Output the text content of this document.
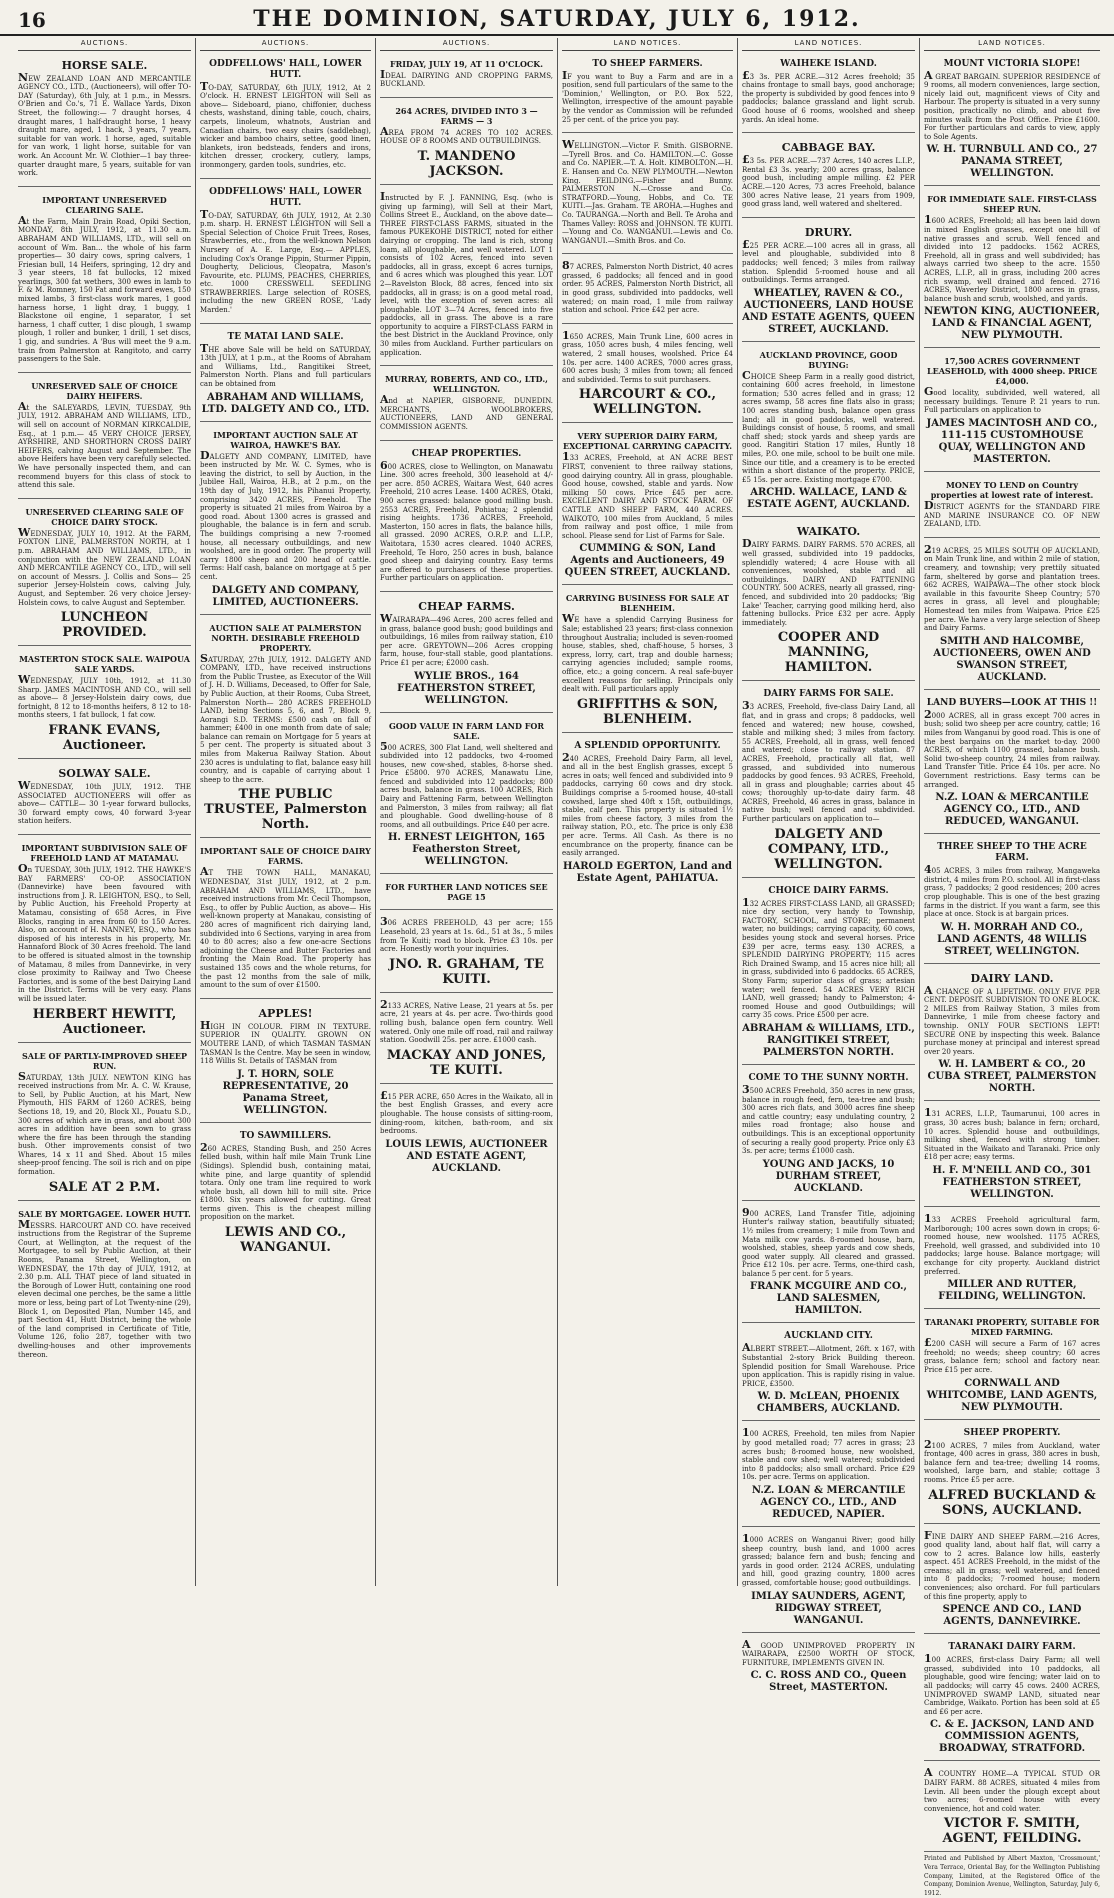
16	THE DOMINION, SATURDAY, JULY 6, 1912.
AUCTIONS.
HORSE SALE.

NEW ZEALAND LOAN AND MERCANTILE AGENCY CO., LTD., (Auctioneers), will offer TO-DAY (Saturday), 6th July, at 1 p.m., in Messrs. O'Brien and Co.'s, 71 E. Wallace Yards, Dixon Street, the following:— 7 draught horses, 4 draught mares, 1 half-draught horse, 1 heavy draught mare, aged, 1 hack, 3 years, 7 years, suitable for van work. 1 horse, aged, suitable for van work, 1 light horse, suitable for van work. An Account Mr. W. Clothier—1 bay three-quarter draught mare, 5 years, suitable for van work.

IMPORTANT UNRESERVED CLEARING SALE.

At the Farm, Main Drain Road, Opiki Section, MONDAY, 8th JULY, 1912, at 11.30 a.m. ABRAHAM AND WILLIAMS, LTD., will sell on account of Wm. Ban... the whole of his farm properties— 30 dairy cows, spring calvers, 1 Friesian bull, 14 Heifers, springing, 12 dry and 3 year steers, 18 fat bullocks, 12 mixed yearlings, 300 fat wethers, 300 ewes in lamb to F. & M. Romney, 150 Fat and forward ewes, 150 mixed lambs, 3 first-class work mares, 1 good harness horse, 1 light dray, 1 buggy, 1 Blackstone oil engine, 1 separator, 1 set harness, 1 chaff cutter, 1 disc plough, 1 swamp plough, 1 roller and bunker, 1 drill, 1 set discs, 1 gig, and sundries. A 'Bus will meet the 9 a.m. train from Palmerston at Rangitoto, and carry passengers to the Sale.

UNRESERVED SALE OF CHOICE DAIRY HEIFERS.

At the SALEYARDS, LEVIN, TUESDAY, 9th JULY, 1912. ABRAHAM AND WILLIAMS, LTD., will sell on account of NORMAN KIRKCALDIE, Esq., at 1 p.m.— 45 VERY CHOICE JERSEY, AYRSHIRE, AND SHORTHORN CROSS DAIRY HEIFERS, calving August and September. The above Heifers have been very carefully selected. We have personally inspected them, and can recommend buyers for this class of stock to attend this sale.

UNRESERVED CLEARING SALE OF CHOICE DAIRY STOCK.

WEDNESDAY, JULY 10, 1912. At the FARM, FOXTON LINE, PALMERSTON NORTH, at 1 p.m. ABRAHAM AND WILLIAMS, LTD., in conjunction with the NEW ZEALAND LOAN AND MERCANTILE AGENCY CO., LTD., will sell on account of Messrs. J. Collis and Sons— 25 superior Jersey-Holstein cows, calving July, August, and September. 26 very choice Jersey-Holstein cows, to calve August and September.

LUNCHEON PROVIDED.
MASTERTON STOCK SALE. WAIPOUA SALE YARDS.

WEDNESDAY, JULY 10th, 1912, at 11.30 Sharp. JAMES MACINTOSH AND CO., will sell as above— 8 Jersey-Holstein dairy cows, due fortnight, 8 12 to 18-months heifers, 8 12 to 18-months steers, 1 fat bullock, 1 fat cow.

FRANK EVANS, Auctioneer.
SOLWAY SALE.

WEDNESDAY, 10th JULY, 1912. THE ASSOCIATED AUCTIONEERS will offer as above— CATTLE— 30 1-year forward bullocks, 30 forward empty cows, 40 forward 3-year station heifers.

IMPORTANT SUBDIVISION SALE OF FREEHOLD LAND AT MATAMAU.

On TUESDAY, 30th JULY, 1912. THE HAWKE'S BAY FARMERS' CO-OP. ASSOCIATION (Dannevirke) have been favoured with instructions from J. R. LEIGHTON, ESQ., to Sell, by Public Auction, his Freehold Property at Matamau, consisting of 658 Acres, in Five Blocks, ranging in area from 60 to 150 Acres. Also, on account of H. NANNEY, ESQ., who has disposed of his interests in his property, Mr. Hannaford Block of 30 Acres freehold. The land to be offered is situated almost in the township of Matamau, 8 miles from Dannevirke, in very close proximity to Railway and Two Cheese Factories, and is some of the best Dairying Land in the District. Terms will be very easy. Plans will be issued later.

HERBERT HEWITT, Auctioneer.
SALE OF PARTLY-IMPROVED SHEEP RUN.

SATURDAY, 13th JULY. NEWTON KING has received instructions from Mr. A. C. W. Krause, to Sell, by Public Auction, at his Mart, New Plymouth, HIS FARM of 1260 ACRES, being Sections 18, 19, and 20, Block XI., Pouatu S.D., 300 acres of which are in grass, and about 300 acres in addition have been sown to grass where the fire has been through the standing bush. Other improvements consist of two Whares, 14 x 11 and Shed. About 15 miles sheep-proof fencing. The soil is rich and on pipe formation.

SALE AT 2 P.M.
SALE BY MORTGAGEE. LOWER HUTT.

MESSRS. HARCOURT AND CO. have received instructions from the Registrar of the Supreme Court, at Wellington, at the request of the Mortgagee, to sell by Public Auction, at their Rooms, Panama Street, Wellington, on WEDNESDAY, the 17th day of JULY, 1912, at 2.30 p.m. ALL THAT piece of land situated in the Borough of Lower Hutt, containing one rood eleven decimal one perches, be the same a little more or less, being part of Lot Twenty-nine (29), Block 1, on Deposited Plan, Number 145, and part Section 41, Hutt District, being the whole of the land comprised in Certificate of Title, Volume 126, folio 287, together with two dwelling-houses and other improvements thereon.

AUCTIONS.
ODDFELLOWS' HALL, LOWER HUTT.

TO-DAY, SATURDAY, 6th JULY, 1912, At 2 O'clock. H. ERNEST LEIGHTON will Sell as above— Sideboard, piano, chiffonier, duchess chests, washstand, dining table, couch, chairs, carpets, linoleum, whatnots, Austrian and Canadian chairs, two easy chairs (saddlebag), wicker and bamboo chairs, settee, good linen, blankets, iron bedsteads, fenders and irons, kitchen dresser, crockery, cutlery, lamps, ironmongery, garden tools, sundries, etc.

ODDFELLOWS' HALL, LOWER HUTT.

TO-DAY, SATURDAY, 6th JULY, 1912, At 2.30 p.m. sharp. H. ERNEST LEIGHTON will Sell a Special Selection of Choice Fruit Trees, Roses, Strawberries, etc., from the well-known Nelson Nursery of A. E. Large, Esq.— APPLES, including Cox's Orange Pippin, Sturmer Pippin, Dougherty, Delicious, Cleopatra, Mason's Favourite, etc. PLUMS, PEACHES, CHERRIES, etc. 1000 CRESSWELL SEEDLING STRAWBERRIES. Large selection of ROSES, including the new GREEN ROSE, 'Lady Marden.'

TE MATAI LAND SALE.

THE above Sale will be held on SATURDAY, 13th JULY, at 1 p.m., at the Rooms of Abraham and Williams, Ltd., Rangitikei Street, Palmerston North. Plans and full particulars can be obtained from

ABRAHAM AND WILLIAMS, LTD. DALGETY AND CO., LTD.
IMPORTANT AUCTION SALE AT WAIROA, HAWKE'S BAY.

DALGETY AND COMPANY, LIMITED, have been instructed by Mr. W. C. Symes, who is leaving the district, to sell by Auction, in the Jubilee Hall, Wairoa, H.B., at 2 p.m., on the 19th day of July, 1912, his Pihanui Property, comprising 3420 ACRES, Freehold. The property is situated 21 miles from Wairoa by a good road. About 1300 acres is grassed and ploughable, the balance is in fern and scrub. The buildings comprising a new 7-roomed house, all necessary outbuildings, and new woolshed, are in good order. The property will carry 1800 sheep and 200 head of cattle. Terms: Half cash, balance on mortgage at 5 per cent.

DALGETY AND COMPANY, LIMITED, AUCTIONEERS.
AUCTION SALE AT PALMERSTON NORTH. DESIRABLE FREEHOLD PROPERTY.

SATURDAY, 27th JULY, 1912. DALGETY AND COMPANY, LTD., have received instructions from the Public Trustee, as Executor of the Will of J. H. D. Williams, Deceased, to Offer for Sale, by Public Auction, at their Rooms, Cuba Street, Palmerston North— 280 ACRES FREEHOLD LAND, being Sections 5, 6, and 7, Block 9, Aorangi S.D. TERMS: £500 cash on fall of hammer; £400 in one month from date of sale; balance can remain on Mortgage for 5 years at 5 per cent. The property is situated about 3 miles from Makerua Railway Station. About 230 acres is undulating to flat, balance easy hill country, and is capable of carrying about 1 sheep to the acre.

THE PUBLIC TRUSTEE, Palmerston North.
IMPORTANT SALE OF CHOICE DAIRY FARMS.

AT THE TOWN HALL, MANAKAU, WEDNESDAY, 31st JULY, 1912, at 2 p.m. ABRAHAM AND WILLIAMS, LTD., have received instructions from Mr. Cecil Thompson, Esq., to offer by Public Auction, as above— His well-known property at Manakau, consisting of 280 acres of magnificent rich dairying land, subdivided into 6 Sections, varying in area from 40 to 80 acres; also a few one-acre Sections adjoining the Cheese and Butter Factories and fronting the Main Road. The property has sustained 135 cows and the whole returns, for the past 12 months from the sale of milk, amount to the sum of over £1500.

APPLES!

HIGH IN COLOUR. FIRM IN TEXTURE. SUPERIOR IN QUALITY. GROWN ON MOUTERE LAND, of which TASMAN TASMAN TASMAN Is the Centre. May be seen in window, 118 Willis St. Details of TASMAN from

J. T. HORN, SOLE REPRESENTATIVE, 20 Panama Street, WELLINGTON.
TO SAWMILLERS.

260 ACRES, Standing Bush, and 250 Acres felled bush, within half mile Main Trunk Line (Sidings). Splendid bush, containing matai, white pine, and large quantity of splendid totara. Only one tram line required to work whole bush, all down hill to mill site. Price £1800. Six years allowed for cutting. Great terms given. This is the cheapest milling proposition on the market.

LEWIS AND CO., WANGANUI.
AUCTIONS.
FRIDAY, JULY 19, AT 11 O'CLOCK.

IDEAL DAIRYING AND CROPPING FARMS, BUCKLAND.

264 ACRES, DIVIDED INTO 3 — FARMS — 3

AREA FROM 74 ACRES TO 102 ACRES. HOUSE OF 8 ROOMS AND OUTBUILDINGS.

T. MANDENO JACKSON.

Instructed by F. J. FANNING, Esq. (who is giving up farming), will Sell at their Mart, Collins Street E., Auckland, on the above date— THREE FIRST-CLASS FARMS, situated in the famous PUKEKOHE DISTRICT, noted for either dairying or cropping. The land is rich, strong loam, all ploughable, and well watered. LOT 1 consists of 102 Acres, fenced into seven paddocks, all in grass, except 6 acres turnips, and 6 acres which was ploughed this year. LOT 2—Ravelston Block, 88 acres, fenced into six paddocks, all in grass; is on a good metal road, level, with the exception of seven acres: all ploughable. LOT 3—74 Acres, fenced into five paddocks, all in grass. The above is a rare opportunity to acquire a FIRST-CLASS FARM in the best District in the Auckland Province, only 30 miles from Auckland. Further particulars on application.

MURRAY, ROBERTS, AND CO., LTD., WELLINGTON.

And at NAPIER, GISBORNE, DUNEDIN. MERCHANTS, WOOLBROKERS, AUCTIONEERS, LAND AND GENERAL COMMISSION AGENTS.

CHEAP PROPERTIES.

600 ACRES, close to Wellington, on Manawatu Line. 300 acres freehold, 300 leasehold at 4/- per acre. 850 ACRES, Waitara West, 640 acres Freehold, 210 acres Lease. 1400 ACRES, Otaki, 900 acres grassed: balance good milling bush. 2553 ACRES, Freehold, Pohiatua; 2 splendid rising heights. 1736 ACRES, Freehold, Masterton, 150 acres in flats, the balance hills, all grassed. 2090 ACRES, O.R.P. and L.I.P., Waitotara, 1530 acres cleared. 1040 ACRES, Freehold, Te Horo, 250 acres in bush, balance good sheep and dairying country. Easy terms are offered to purchasers of these properties. Further particulars on application.

CHEAP FARMS.

WAIRARAPA—496 Acres, 200 acres felled and in grass, balance good bush; good buildings and outbuildings, 16 miles from railway station, £10 per acre. GREYTOWN—206 Acres cropping farm, house, four-stall stable, good plantations. Price £1 per acre; £2000 cash.

WYLIE BROS., 164 FEATHERSTON STREET, WELLINGTON.
GOOD VALUE IN FARM LAND FOR SALE.

500 ACRES, 300 Flat Land, well sheltered and subdivided into 12 paddocks, two 4-roomed houses, new cow-shed, stables, 8-horse shed. Price £5800. 970 ACRES, Manawatu Line, fenced and subdivided into 12 paddocks; 800 acres bush, balance in grass. 100 ACRES, Rich Dairy and Fattening Farm, between Wellington and Palmerston, 3 miles from railway; all flat and ploughable. Good dwelling-house of 8 rooms, and all outbuildings. Price £40 per acre.

H. ERNEST LEIGHTON, 165 Featherston Street, WELLINGTON.
FOR FURTHER LAND NOTICES SEE PAGE 15

306 ACRES FREEHOLD, 43 per acre; 155 Leasehold, 23 years at 1s. 6d., 51 at 3s., 5 miles from Te Kuiti; road to block. Price £3 10s. per acre. Honestly worth your inquiries.

JNO. R. GRAHAM, TE KUITI.

2133 ACRES, Native Lease, 21 years at 5s. per acre, 21 years at 4s. per acre. Two-thirds good rolling bush, balance open fern country. Well watered. Only one mile off road, rail and railway station. Goodwill 25s. per acre. £1000 cash.

MACKAY AND JONES, TE KUITI.

£15 PER ACRE, 650 Acres in the Waikato, all in the best English Grasses, and every acre ploughable. The house consists of sitting-room, dining-room, kitchen, bath-room, and six bedrooms.

LOUIS LEWIS, AUCTIONEER AND ESTATE AGENT, AUCKLAND.
LAND NOTICES.
TO SHEEP FARMERS.

IF you want to Buy a Farm and are in a position, send full particulars of the same to the 'Dominion,' Wellington, or P.O. Box 522, Wellington, irrespective of the amount payable by the vendor as Commission will be refunded 25 per cent. of the price you pay.

WELLINGTON.—Victor F. Smith. GISBORNE.—Tyrell Bros. and Co. HAMILTON.—C. Gosse and Co. NAPIER.—T. A. Holt. KIMBOLTON.—H. E. Hansen and Co. NEW PLYMOUTH.—Newton King. FEILDING.—Fisher and Bunny. PALMERSTON N.—Crosse and Co. STRATFORD.—Young, Hobbs, and Co. TE KUITI.—Jas. Graham. TE AROHA.—Hughes and Co. TAURANGA.—North and Bell. Te Aroha and Thames Valley: ROSS and JOHNSON. TE KUITI.—Young and Co. WANGANUI.—Lewis and Co. WANGANUI.—Smith Bros. and Co.

87 ACRES, Palmerston North District, 40 acres grassed, 6 paddocks; all fenced and in good order. 95 ACRES, Palmerston North District, all in good grass, subdivided into paddocks, well watered; on main road, 1 mile from railway station and school. Price £42 per acre.

1650 ACRES, Main Trunk Line, 600 acres in grass, 1050 acres bush, 4 miles fencing, well watered, 2 small houses, woolshed. Price £4 10s. per acre. 1400 ACRES, 7000 acres grass, 600 acres bush; 3 miles from town; all fenced and subdivided. Terms to suit purchasers.

HARCOURT & CO., WELLINGTON.
VERY SUPERIOR DAIRY FARM, EXCEPTIONAL CARRYING CAPACITY.

133 ACRES, Freehold, at AN ACRE BEST FIRST, convenient to three railway stations, good dairying country. All in grass, ploughable. Good house, cowshed, stable and yards. Now milking 50 cows. Price £45 per acre. EXCELLENT DAIRY AND STOCK FARM. OF CATTLE AND SHEEP FARM, 440 ACRES. WAIKOTO, 100 miles from Auckland, 5 miles from railway and post office, 1 mile from school. Please send for List of Farms for Sale.

CUMMING & SON, Land Agents and Auctioneers, 49 QUEEN STREET, AUCKLAND.
CARRYING BUSINESS FOR SALE AT BLENHEIM.

WE have a splendid Carrying Business for Sale; established 23 years; first-class connexion throughout Australia; included is seven-roomed house, stables, shed, chaff-house, 5 horses, 3 express, lorry, cart, trap and double harness; carrying agencies included; sample rooms, office, etc.; a going concern. A real safe-buyer excellent reasons for selling. Principals only dealt with. Full particulars apply

GRIFFITHS & SON, BLENHEIM.
A SPLENDID OPPORTUNITY.

240 ACRES, Freehold Dairy Farm, all level, and all in the best English grasses, except 5 acres in oats; well fenced and subdivided into 9 paddocks, carrying 60 cows and dry stock. Buildings comprise a 5-roomed house, 40-stall cowshed, large shed 40ft x 15ft, outbuildings, stable, calf pen. This property is situated 1½ miles from cheese factory, 3 miles from the railway station, P.O., etc. The price is only £38 per acre. Terms. All Cash. As there is no encumbrance on the property, finance can be easily arranged.

HAROLD EGERTON, Land and Estate Agent, PAHIATUA.
LAND NOTICES.
WAIHEKE ISLAND.

£3 3s. PER ACRE.—312 Acres freehold; 35 chains frontage to small bays, good anchorage; the property is subdivided by good fences into 9 paddocks; balance grassland and light scrub. Good house of 6 rooms, woolshed and sheep yards. An ideal home.

CABBAGE BAY.

£3 5s. PER ACRE.—737 Acres, 140 acres L.I.P., Rental £3 3s. yearly; 200 acres grass, balance good bush, including ample milling. £2 PER ACRE.—120 Acres, 73 acres Freehold, balance 300 acres Native lease, 21 years from 1909, good grass land, well watered and sheltered.

DRURY.

£25 PER ACRE.—100 acres all in grass, all level and ploughable, subdivided into 8 paddocks; well fenced; 3 miles from railway station. Splendid 5-roomed house and all outbuildings. Terms arranged.

WHEATLEY, RAVEN & CO., AUCTIONEERS, LAND HOUSE AND ESTATE AGENTS, QUEEN STREET, AUCKLAND.
AUCKLAND PROVINCE, GOOD BUYING:

CHOICE Sheep Farm in a really good district, containing 600 acres freehold, in limestone formation; 530 acres felled and in grass; 12 acres swamp, 58 acres fine flats also in grass; 100 acres standing bush, balance open grass land; all in good paddocks, well watered. Buildings consist of house, 5 rooms, and small chaff shed; stock yards and sheep yards are good. Rangitiri Station 17 miles, Huntly 18 miles, P.O. one mile, school to be built one mile. Since our title, and a creamery is to be erected within a short distance of the property. PRICE, £5 15s. per acre. Existing mortgage £700.

ARCHD. WALLACE, LAND & ESTATE AGENT, AUCKLAND.
WAIKATO.

DAIRY FARMS. DAIRY FARMS. 570 ACRES, all well grassed, subdivided into 19 paddocks, splendidly watered; 4 acre House with all conveniences, woolshed, stable and all outbuildings. DAIRY AND FATTENING COUNTRY. 500 ACRES, nearly all grassed, ring-fenced, and subdivided into 20 paddocks; 'Big Lake' Teacher, carrying good milking herd, also fattening bullocks. Price £32 per acre. Apply immediately.

COOPER AND MANNING, HAMILTON.
DAIRY FARMS FOR SALE.

33 ACRES, Freehold, five-class Dairy Land, all flat, and in grass and crops; 8 paddocks, well fenced and watered; new house, cowshed, stable and milking shed; 3 miles from factory. 55 ACRES, Freehold, all in grass, well fenced and watered; close to railway station. 87 ACRES, Freehold, practically all flat, well grassed, and subdivided into numerous paddocks by good fences. 93 ACRES, Freehold, all in grass and ploughable; carries about 45 cows; thoroughly up-to-date dairy farm. 48 ACRES, Freehold, 46 acres in grass, balance in native bush; well fenced and subdivided. Further particulars on application to—

DALGETY AND COMPANY, LTD., WELLINGTON.
CHOICE DAIRY FARMS.

132 ACRES FIRST-CLASS LAND, all GRASSED; nice dry section, very handy to Township, FACTORY, SCHOOL, and STORE; permanent water, no buildings; carrying capacity, 60 cows, besides young stock and several horses. Price £39 per acre, terms easy. 130 ACRES, a SPLENDID DAIRYING PROPERTY; 115 acres Rich Drained Swamp, and 15 acres nice hill; all in grass, subdivided into 6 paddocks. 65 ACRES, Stony Farm; superior class of grass; artesian water; well fenced. 54 ACRES VERY RICH LAND, well grassed; handy to Palmerston; 4-roomed House and good Outbuildings; will carry 35 cows. Price £500 per acre.

ABRAHAM & WILLIAMS, LTD., RANGITIKEI STREET, PALMERSTON NORTH.
COME TO THE SUNNY NORTH.

3500 ACRES Freehold, 350 acres in new grass, balance in rough feed, fern, tea-tree and bush; 300 acres rich flats, and 3000 acres fine sheep and cattle country; easy undulating country, 2 miles road frontage; also house and outbuildings. This is an exceptional opportunity of securing a really good property. Price only £3 3s. per acre; terms £1000 cash.

YOUNG AND JACKS, 10 DURHAM STREET, AUCKLAND.

900 ACRES, Land Transfer Title, adjoining Hunter's railway station, beautifully situated; 1½ miles from creamery; 1 mile from Town and Mata milk cow yards. 8-roomed house, barn, woolshed, stables, sheep yards and cow sheds, good water supply. All cleared and grassed. Price £12 10s. per acre. Terms, one-third cash, balance 5 per cent. for 5 years.

FRANK MCGUIRE AND CO., LAND SALESMEN, HAMILTON.
AUCKLAND CITY.

ALBERT STREET.—Allotment, 26ft. x 167, with Substantial 2-story Brick Building thereon. Splendid position for Small Warehouse. Price upon application. This is rapidly rising in value. PRICE, £3500.

W. D. McLEAN, PHOENIX CHAMBERS, AUCKLAND.

100 ACRES, Freehold, ten miles from Napier by good metalled road; 77 acres in grass; 23 acres bush; 8-roomed house, new woolshed, stable and cow shed; well watered; subdivided into 8 paddocks; also small orchard. Price £29 10s. per acre. Terms on application.

N.Z. LOAN & MERCANTILE AGENCY CO., LTD., AND REDUCED, NAPIER.

1000 ACRES on Wanganui River; good hilly sheep country, bush land, and 1000 acres grassed; balance fern and bush; fencing and yards in good order. 2124 ACRES, undulating and hill, good grazing country, 1800 acres grassed, comfortable house; good outbuildings.

IMLAY SAUNDERS, AGENT, RIDGWAY STREET, WANGANUI.

A GOOD UNIMPROVED PROPERTY IN WAIRARAPA, £2500 WORTH OF STOCK, FURNITURE, IMPLEMENTS GIVEN IN.

C. C. ROSS AND CO., Queen Street, MASTERTON.
LAND NOTICES.
MOUNT VICTORIA SLOPE!

A GREAT BARGAIN. SUPERIOR RESIDENCE of 9 rooms, all modern conveniences, large section, nicely laid out, magnificent views of City and Harbour. The property is situated in a very sunny position, practically no climb, and about five minutes walk from the Post Office. Price £1600. For further particulars and cards to view, apply to Sole Agents.

W. H. TURNBULL AND CO., 27 PANAMA STREET, WELLINGTON.
FOR IMMEDIATE SALE. FIRST-CLASS SHEEP RUN.

1600 ACRES, Freehold; all has been laid down in mixed English grasses, except one hill of native grasses and scrub. Well fenced and divided into 12 paddocks. 1562 ACRES, Freehold, all in grass and well subdivided; has always carried two sheep to the acre. 1550 ACRES, L.I.P., all in grass, including 200 acres rich swamp, well drained and fenced. 2716 ACRES, Waverley District, 1800 acres in grass, balance bush and scrub, woolshed, and yards.

NEWTON KING, AUCTIONEER, LAND & FINANCIAL AGENT, NEW PLYMOUTH.
17,500 ACRES GOVERNMENT LEASEHOLD, with 4000 sheep. PRICE £4,000.

Good locality, subdivided, well watered, all necessary buildings. Tenure P. 21 years to run. Full particulars on application to

JAMES MACINTOSH AND CO., 111-115 CUSTOMHOUSE QUAY, WELLINGTON AND MASTERTON.
MONEY TO LEND on Country properties at lowest rate of interest.

DISTRICT AGENTS for the STANDARD FIRE AND MARINE INSURANCE CO. OF NEW ZEALAND, LTD.

219 ACRES, 25 MILES SOUTH OF AUCKLAND, on Main Trunk line, and within 2 mile of station, creamery, and township; very prettily situated farm, sheltered by gorse and plantation trees. 662 ACRES, WAIPAWA—The other stock block available in this favourite Sheep Country; 570 acres in grass, all level and ploughable; Homestead ten miles from Waipawa. Price £25 per acre. We have a very large selection of Sheep and Dairy Farms.

SMITH AND HALCOMBE, AUCTIONEERS, OWEN AND SWANSON STREET, AUCKLAND.
LAND BUYERS—LOOK AT THIS !!

2000 ACRES, all in grass except 700 acres in bush; solid two sheep per acre country, cattle; 16 miles from Wanganui by good road. This is one of the best bargains on the market to-day. 2000 ACRES, of which 1100 grassed, balance bush. Solid two-sheep country, 24 miles from railway. Land Transfer Title. Price £4 10s. per acre. No Government restrictions. Easy terms can be arranged.

N.Z. LOAN & MERCANTILE AGENCY CO., LTD., AND REDUCED, WANGANUI.
THREE SHEEP TO THE ACRE FARM.

405 ACRES, 3 miles from railway, Mangaweka district, 4 miles from P.O. school. All in first-class grass, 7 paddocks; 2 good residences; 200 acres crop ploughable. This is one of the best grazing farms in the district. If you want a farm, see this place at once. Stock is at bargain prices.

W. H. MORRAH AND CO., LAND AGENTS, 48 WILLIS STREET, WELLINGTON.
DAIRY LAND.

A CHANCE OF A LIFETIME. ONLY FIVE PER CENT. DEPOSIT. SUBDIVISION TO ONE BLOCK. 2 MILES from Railway Station, 3 miles from Dannevirke, 1 mile from cheese factory and township. ONLY FOUR SECTIONS LEFT! SECURE ONE by inspecting this week. Balance purchase money at principal and interest spread over 20 years.

W. H. LAMBERT & CO., 20 CUBA STREET, PALMERSTON NORTH.

131 ACRES, L.I.P., Taumarunui, 100 acres in grass, 30 acres bush; balance in fern; orchard, 10 acres. Splendid house and outbuildings, milking shed, fenced with strong timber. Situated in the Waikato and Taranaki. Price only £18 per acre; easy terms.

H. F. M'NEILL AND CO., 301 FEATHERSTON STREET, WELLINGTON.

133 ACRES Freehold agricultural farm, Marlborough; 100 acres sown down in crops; 6-roomed house, new woolshed. 1175 ACRES, Freehold, well grassed, and subdivided into 10 paddocks; large house. Balance mortgage; will exchange for city property. Auckland district preferred.

MILLER AND RUTTER, FEILDING, WELLINGTON.
TARANAKI PROPERTY, SUITABLE FOR MIXED FARMING.

£200 CASH will secure a Farm of 167 acres freehold; no weeds; sheep country; 60 acres grass, balance fern; school and factory near. Price £15 per acre.

CORNWALL AND WHITCOMBE, LAND AGENTS, NEW PLYMOUTH.
SHEEP PROPERTY.

2100 ACRES, 7 miles from Auckland, water frontage, 400 acres in grass, 380 acres in bush, balance fern and tea-tree; dwelling 14 rooms, woolshed, large barn, and stable; cottage 3 rooms. Price £5 per acre.

ALFRED BUCKLAND & SONS, AUCKLAND.

FINE DAIRY AND SHEEP FARM.—216 Acres, good quality land, about half flat, will carry a cow to 2 acres. Balance low hills, easterly aspect. 451 ACRES Freehold, in the midst of the creams; all in grass; well watered, and fenced into 8 paddocks; 7-roomed house; modern conveniences; also orchard. For full particulars of this fine property, apply to

SPENCE AND CO., LAND AGENTS, DANNEVIRKE.
TARANAKI DAIRY FARM.

100 ACRES, first-class Dairy Farm; all well grassed, subdivided into 10 paddocks, all ploughable, good wire fencing; water laid on to all paddocks; will carry 45 cows. 2400 ACRES, UNIMPROVED SWAMP LAND, situated near Cambridge, Waikato. Portion has been sold at £5 and £6 per acre.

C. & E. JACKSON, LAND AND COMMISSION AGENTS, BROADWAY, STRATFORD.

A COUNTRY HOME—A TYPICAL STUD OR DAIRY FARM. 88 ACRES, situated 4 miles from Levin. All been under the plough except about two acres; 6-roomed house with every convenience, hot and cold water.

VICTOR F. SMITH, AGENT, FEILDING.
Printed and Published by Albert Maxton, 'Crossmount,' Vera Terrace, Oriental Bay, for the Wellington Publishing Company, Limited, at the Registered Office of the Company, Dominion Avenue, Wellington, Saturday, July 6, 1912.
